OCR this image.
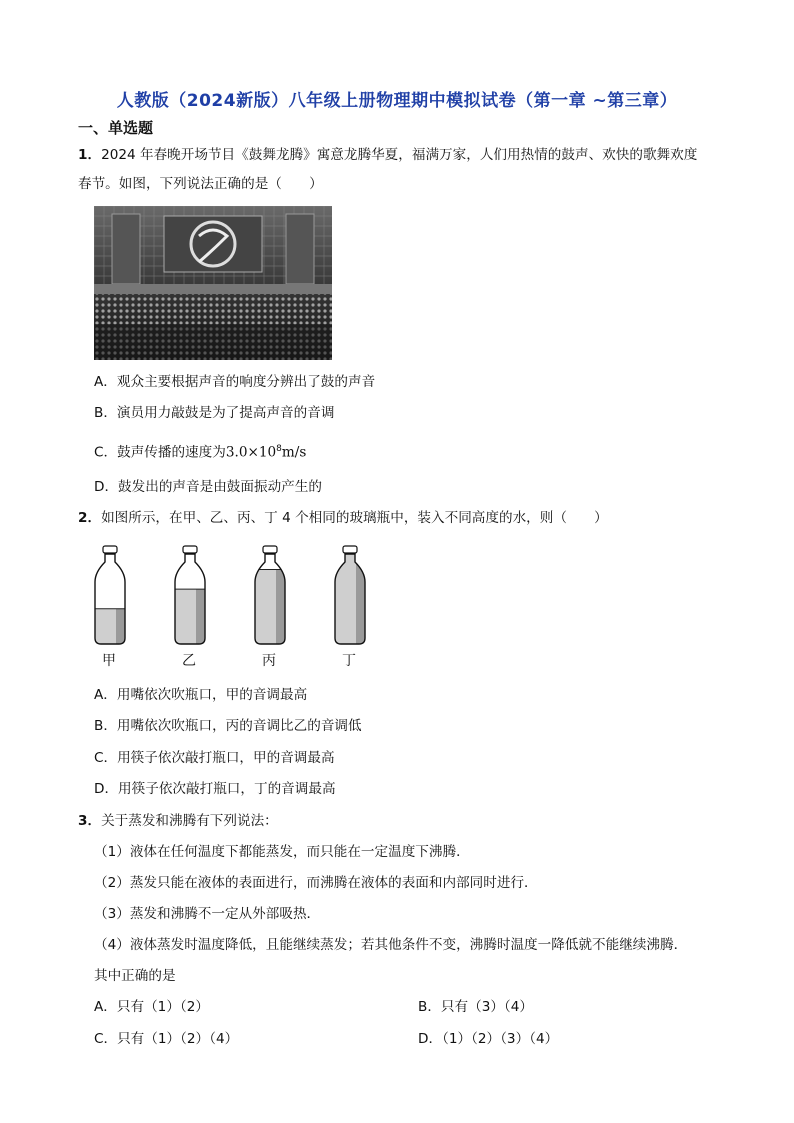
人教版（2024新版）八年级上册物理期中模拟试卷（第一章 ~第三章）
一、单选题
1．2024 年春晚开场节目《鼓舞龙腾》寓意龙腾华夏，福满万家，人们用热情的鼓声、欢快的歌舞欢度
春节。如图，下列说法正确的是（　　）
A．观众主要根据声音的响度分辨出了鼓的声音
B．演员用力敲鼓是为了提高声音的音调
C．鼓声传播的速度为$3.0\times 10^8m/s$
D．鼓发出的声音是由鼓面振动产生的
2．如图所示，在甲、乙、丙、丁 4 个相同的玻璃瓶中，装入不同高度的水，则（　　）
甲	乙	丙	丁
A．用嘴依次吹瓶口，甲的音调最高
B．用嘴依次吹瓶口，丙的音调比乙的音调低
C．用筷子依次敲打瓶口，甲的音调最高
D．用筷子依次敲打瓶口，丁的音调最高
3．关于蒸发和沸腾有下列说法：
（1）液体在任何温度下都能蒸发，而只能在一定温度下沸腾．
（2）蒸发只能在液体的表面进行，而沸腾在液体的表面和内部同时进行．
（3）蒸发和沸腾不一定从外部吸热．
（4）液体蒸发时温度降低，且能继续蒸发；若其他条件不变，沸腾时温度一降低就不能继续沸腾．
其中正确的是
A．只有（1）（2）	B．只有（3）（4）
C．只有（1）（2）（4）	D．（1）（2）（3）（4）
